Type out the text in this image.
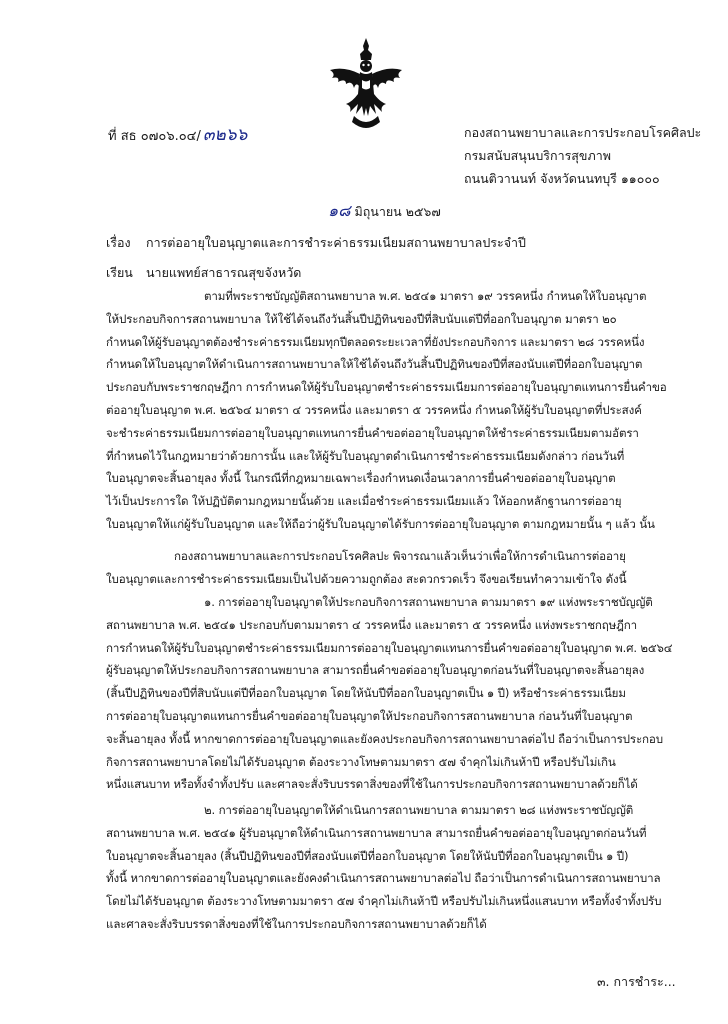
ที่ สธ ๐๗๐๖.๐๔/ ๓๒๖๖	กองสถานพยาบาลและการประกอบโรคศิลปะ
กรมสนับสนุนบริการสุขภาพ
ถนนติวานนท์ จังหวัดนนทบุรี ๑๑๐๐๐
๑๘ มิถุนายน ๒๕๖๗
เรื่อง การต่ออายุใบอนุญาตและการชำระค่าธรรมเนียมสถานพยาบาลประจำปี
เรียน นายแพทย์สาธารณสุขจังหวัด
ตามที่พระราชบัญญัติสถานพยาบาล พ.ศ. ๒๕๔๑ มาตรา ๑๙ วรรคหนึ่ง กำหนดให้ใบอนุญาต
ให้ประกอบกิจการสถานพยาบาล ให้ใช้ได้จนถึงวันสิ้นปีปฏิทินของปีที่สิบนับแต่ปีที่ออกใบอนุญาต มาตรา ๒๐
กำหนดให้ผู้รับอนุญาตต้องชำระค่าธรรมเนียมทุกปีตลอดระยะเวลาที่ยังประกอบกิจการ และมาตรา ๒๘ วรรคหนึ่ง
กำหนดให้ใบอนุญาตให้ดำเนินการสถานพยาบาลให้ใช้ได้จนถึงวันสิ้นปีปฏิทินของปีที่สองนับแต่ปีที่ออกใบอนุญาต
ประกอบกับพระราชกฤษฎีกา การกำหนดให้ผู้รับใบอนุญาตชำระค่าธรรมเนียมการต่ออายุใบอนุญาตแทนการยื่นคำขอ
ต่ออายุใบอนุญาต พ.ศ. ๒๕๖๔ มาตรา ๔ วรรคหนึ่ง และมาตรา ๕ วรรคหนึ่ง กำหนดให้ผู้รับใบอนุญาตที่ประสงค์
จะชำระค่าธรรมเนียมการต่ออายุใบอนุญาตแทนการยื่นคำขอต่ออายุใบอนุญาตให้ชำระค่าธรรมเนียมตามอัตรา
ที่กำหนดไว้ในกฎหมายว่าด้วยการนั้น และให้ผู้รับใบอนุญาตดำเนินการชำระค่าธรรมเนียมดังกล่าว ก่อนวันที่
ใบอนุญาตจะสิ้นอายุลง ทั้งนี้ ในกรณีที่กฎหมายเฉพาะเรื่องกำหนดเงื่อนเวลาการยื่นคำขอต่ออายุใบอนุญาต
ไว้เป็นประการใด ให้ปฏิบัติตามกฎหมายนั้นด้วย และเมื่อชำระค่าธรรมเนียมแล้ว ให้ออกหลักฐานการต่ออายุ
ใบอนุญาตให้แก่ผู้รับใบอนุญาต และให้ถือว่าผู้รับใบอนุญาตได้รับการต่ออายุใบอนุญาต ตามกฎหมายนั้น ๆ แล้ว นั้น
กองสถานพยาบาลและการประกอบโรคศิลปะ พิจารณาแล้วเห็นว่าเพื่อให้การดำเนินการต่ออายุ
ใบอนุญาตและการชำระค่าธรรมเนียมเป็นไปด้วยความถูกต้อง สะดวกรวดเร็ว จึงขอเรียนทำความเข้าใจ ดังนี้
๑. การต่ออายุใบอนุญาตให้ประกอบกิจการสถานพยาบาล ตามมาตรา ๑๙ แห่งพระราชบัญญัติ
สถานพยาบาล พ.ศ. ๒๕๔๑ ประกอบกับตามมาตรา ๔ วรรคหนึ่ง และมาตรา ๕ วรรคหนึ่ง แห่งพระราชกฤษฎีกา
การกำหนดให้ผู้รับใบอนุญาตชำระค่าธรรมเนียมการต่ออายุใบอนุญาตแทนการยื่นคำขอต่ออายุใบอนุญาต พ.ศ. ๒๕๖๔
ผู้รับอนุญาตให้ประกอบกิจการสถานพยาบาล สามารถยื่นคำขอต่ออายุใบอนุญาตก่อนวันที่ใบอนุญาตจะสิ้นอายุลง
(สิ้นปีปฏิทินของปีที่สิบนับแต่ปีที่ออกใบอนุญาต โดยให้นับปีที่ออกใบอนุญาตเป็น ๑ ปี) หรือชำระค่าธรรมเนียม
การต่ออายุใบอนุญาตแทนการยื่นคำขอต่ออายุใบอนุญาตให้ประกอบกิจการสถานพยาบาล ก่อนวันที่ใบอนุญาต
จะสิ้นอายุลง ทั้งนี้ หากขาดการต่ออายุใบอนุญาตและยังคงประกอบกิจการสถานพยาบาลต่อไป ถือว่าเป็นการประกอบ
กิจการสถานพยาบาลโดยไม่ได้รับอนุญาต ต้องระวางโทษตามมาตรา ๕๗ จำคุกไม่เกินห้าปี หรือปรับไม่เกิน
หนึ่งแสนบาท หรือทั้งจำทั้งปรับ และศาลจะสั่งริบบรรดาสิ่งของที่ใช้ในการประกอบกิจการสถานพยาบาลด้วยก็ได้
๒. การต่ออายุใบอนุญาตให้ดำเนินการสถานพยาบาล ตามมาตรา ๒๘ แห่งพระราชบัญญัติ
สถานพยาบาล พ.ศ. ๒๕๔๑ ผู้รับอนุญาตให้ดำเนินการสถานพยาบาล สามารถยื่นคำขอต่ออายุใบอนุญาตก่อนวันที่
ใบอนุญาตจะสิ้นอายุลง (สิ้นปีปฏิทินของปีที่สองนับแต่ปีที่ออกใบอนุญาต โดยให้นับปีที่ออกใบอนุญาตเป็น ๑ ปี)
ทั้งนี้ หากขาดการต่ออายุใบอนุญาตและยังคงดำเนินการสถานพยาบาลต่อไป ถือว่าเป็นการดำเนินการสถานพยาบาล
โดยไม่ได้รับอนุญาต ต้องระวางโทษตามมาตรา ๕๗ จำคุกไม่เกินห้าปี หรือปรับไม่เกินหนึ่งแสนบาท หรือทั้งจำทั้งปรับ
และศาลจะสั่งริบบรรดาสิ่งของที่ใช้ในการประกอบกิจการสถานพยาบาลด้วยก็ได้
๓. การชำระ...
